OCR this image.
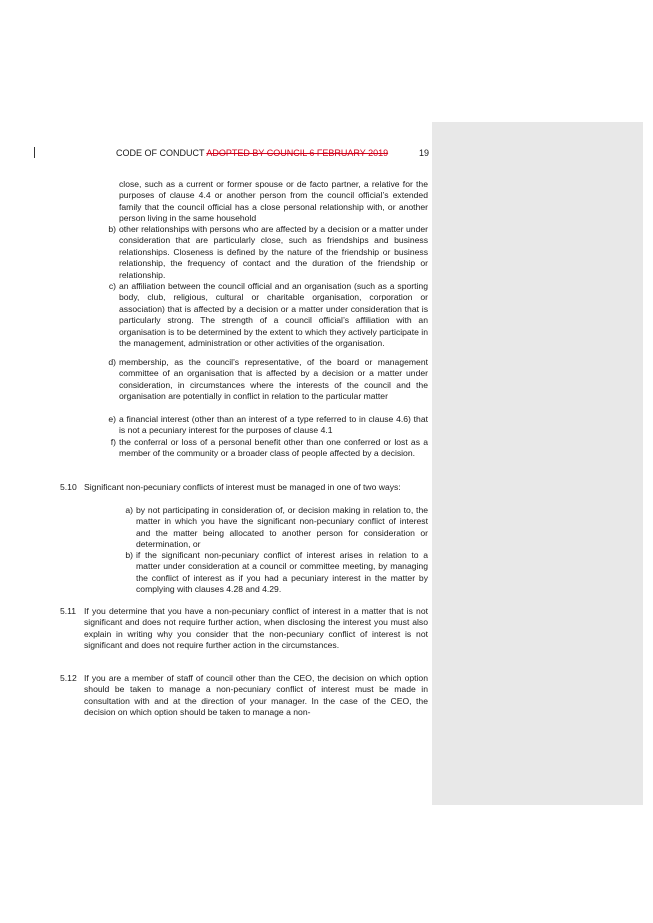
CODE OF CONDUCT ADOPTED BY COUNCIL 6 FEBRUARY 2019	19
close, such as a current or former spouse or de facto partner, a relative for the purposes of clause 4.4 or another person from the council official’s extended family that the council official has a close personal relationship with, or another person living in the same household
b) other relationships with persons who are affected by a decision or a matter under consideration that are particularly close, such as friendships and business relationships. Closeness is defined by the nature of the friendship or business relationship, the frequency of contact and the duration of the friendship or relationship.
c) an affiliation between the council official and an organisation (such as a sporting body, club, religious, cultural or charitable organisation, corporation or association) that is affected by a decision or a matter under consideration that is particularly strong. The strength of a council official’s affiliation with an organisation is to be determined by the extent to which they actively participate in the management, administration or other activities of the organisation.
d) membership, as the council’s representative, of the board or management committee of an organisation that is affected by a decision or a matter under consideration, in circumstances where the interests of the council and the organisation are potentially in conflict in relation to the particular matter
e) a financial interest (other than an interest of a type referred to in clause 4.6) that is not a pecuniary interest for the purposes of clause 4.1
f) the conferral or loss of a personal benefit other than one conferred or lost as a member of the community or a broader class of people affected by a decision.
5.10 Significant non-pecuniary conflicts of interest must be managed in one of two ways:
a) by not participating in consideration of, or decision making in relation to, the matter in which you have the significant non-pecuniary conflict of interest and the matter being allocated to another person for consideration or determination, or
b) if the significant non-pecuniary conflict of interest arises in relation to a matter under consideration at a council or committee meeting, by managing the conflict of interest as if you had a pecuniary interest in the matter by complying with clauses 4.28 and 4.29.
5.11 If you determine that you have a non-pecuniary conflict of interest in a matter that is not significant and does not require further action, when disclosing the interest you must also explain in writing why you consider that the non-pecuniary conflict of interest is not significant and does not require further action in the circumstances.
5.12 If you are a member of staff of council other than the CEO, the decision on which option should be taken to manage a non-pecuniary conflict of interest must be made in consultation with and at the direction of your manager. In the case of the CEO, the decision on which option should be taken to manage a non-
